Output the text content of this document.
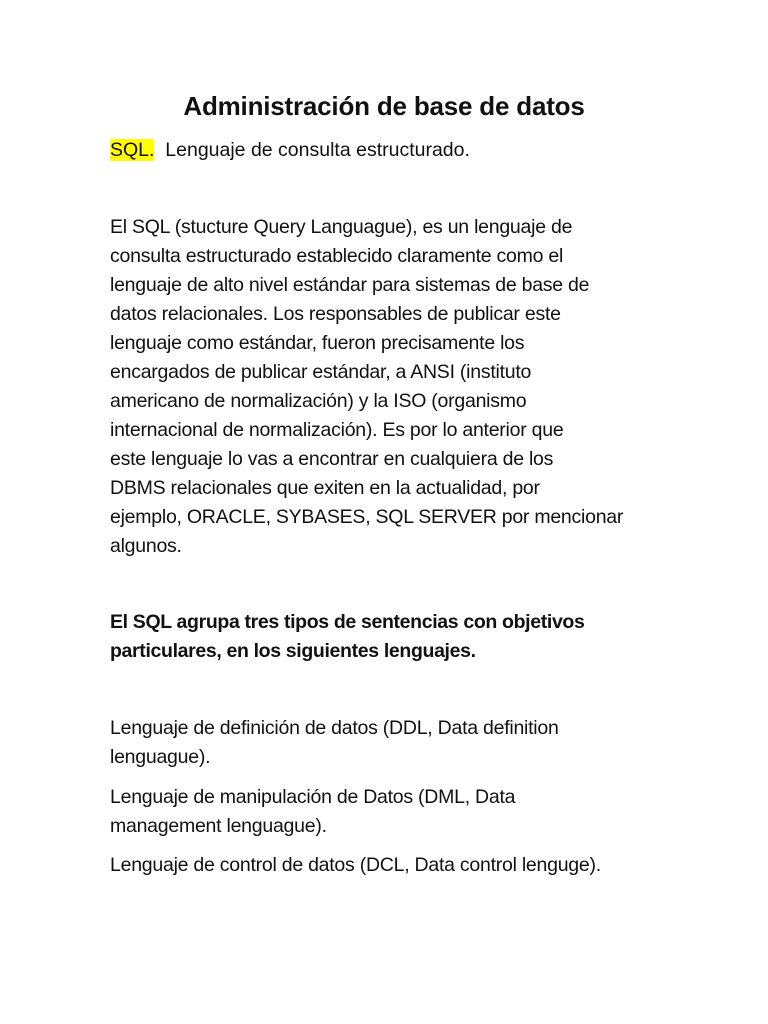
Administración de base de datos

SQL. Lenguaje de consulta estructurado.

El SQL (stucture Query Languague), es un lenguaje de
consulta estructurado establecido claramente como el
lenguaje de alto nivel estándar para sistemas de base de
datos relacionales. Los responsables de publicar este
lenguaje como estándar, fueron precisamente los
encargados de publicar estándar, a ANSI (instituto
americano de normalización) y la ISO (organismo
internacional de normalización). Es por lo anterior que
este lenguaje lo vas a encontrar en cualquiera de los
DBMS relacionales que exiten en la actualidad, por
ejemplo, ORACLE, SYBASES, SQL SERVER por mencionar
algunos.

El SQL agrupa tres tipos de sentencias con objetivos
particulares, en los siguientes lenguajes.

Lenguaje de definición de datos (DDL, Data definition
lenguague).

Lenguaje de manipulación de Datos (DML, Data
management lenguague).

Lenguaje de control de datos (DCL, Data control lenguge).
